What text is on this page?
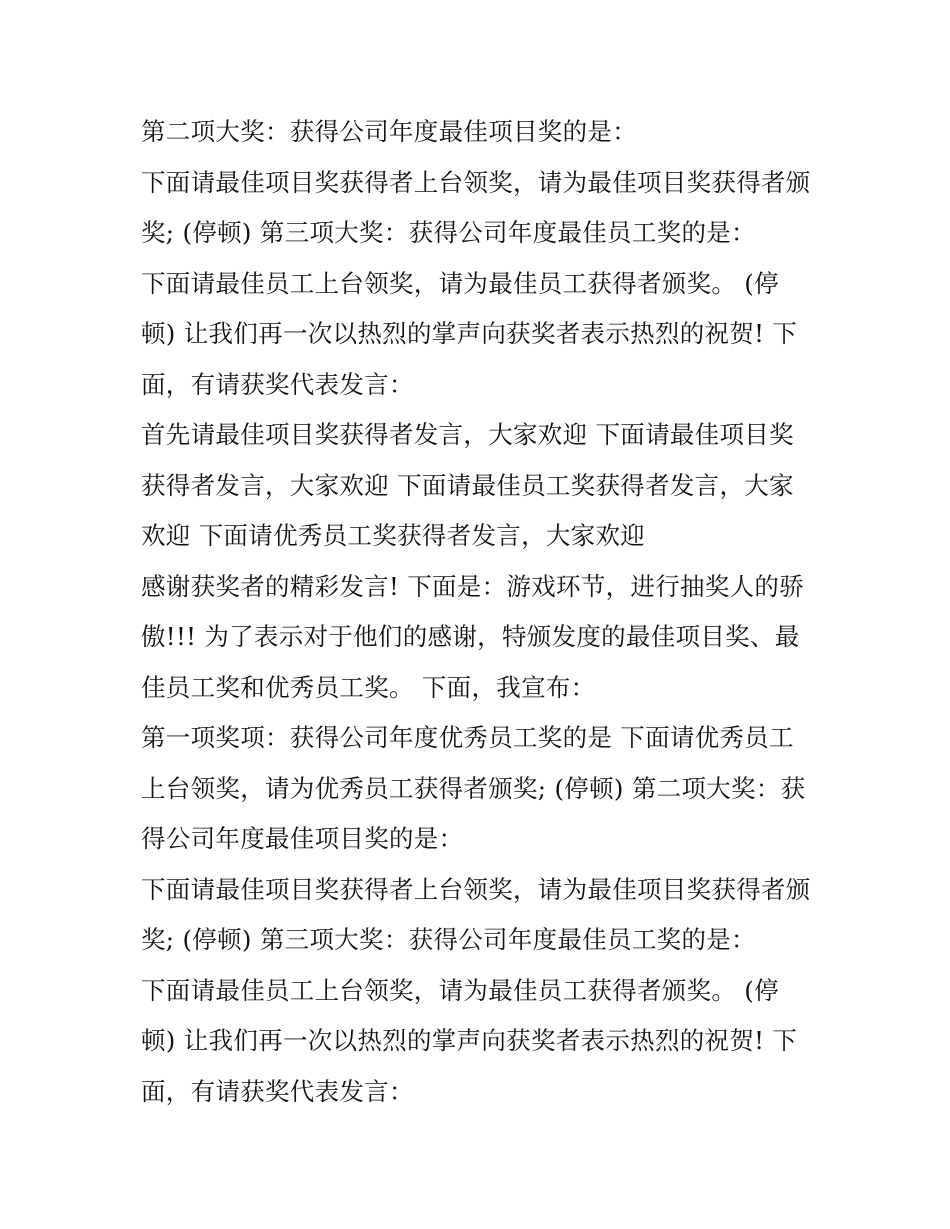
第二项大奖：获得公司年度最佳项目奖的是：
下面请最佳项目奖获得者上台领奖，请为最佳项目奖获得者颁
奖; (停顿) 第三项大奖：获得公司年度最佳员工奖的是：
下面请最佳员工上台领奖，请为最佳员工获得者颁奖。 (停
顿) 让我们再一次以热烈的掌声向获奖者表示热烈的祝贺! 下
面，有请获奖代表发言：
首先请最佳项目奖获得者发言，大家欢迎 下面请最佳项目奖
获得者发言，大家欢迎 下面请最佳员工奖获得者发言，大家
欢迎 下面请优秀员工奖获得者发言，大家欢迎
感谢获奖者的精彩发言! 下面是：游戏环节，进行抽奖人的骄
傲!!! 为了表示对于他们的感谢，特颁发度的最佳项目奖、最
佳员工奖和优秀员工奖。 下面，我宣布：
第一项奖项：获得公司年度优秀员工奖的是 下面请优秀员工
上台领奖，请为优秀员工获得者颁奖; (停顿) 第二项大奖：获
得公司年度最佳项目奖的是：
下面请最佳项目奖获得者上台领奖，请为最佳项目奖获得者颁
奖; (停顿) 第三项大奖：获得公司年度最佳员工奖的是：
下面请最佳员工上台领奖，请为最佳员工获得者颁奖。 (停
顿) 让我们再一次以热烈的掌声向获奖者表示热烈的祝贺! 下
面，有请获奖代表发言：
